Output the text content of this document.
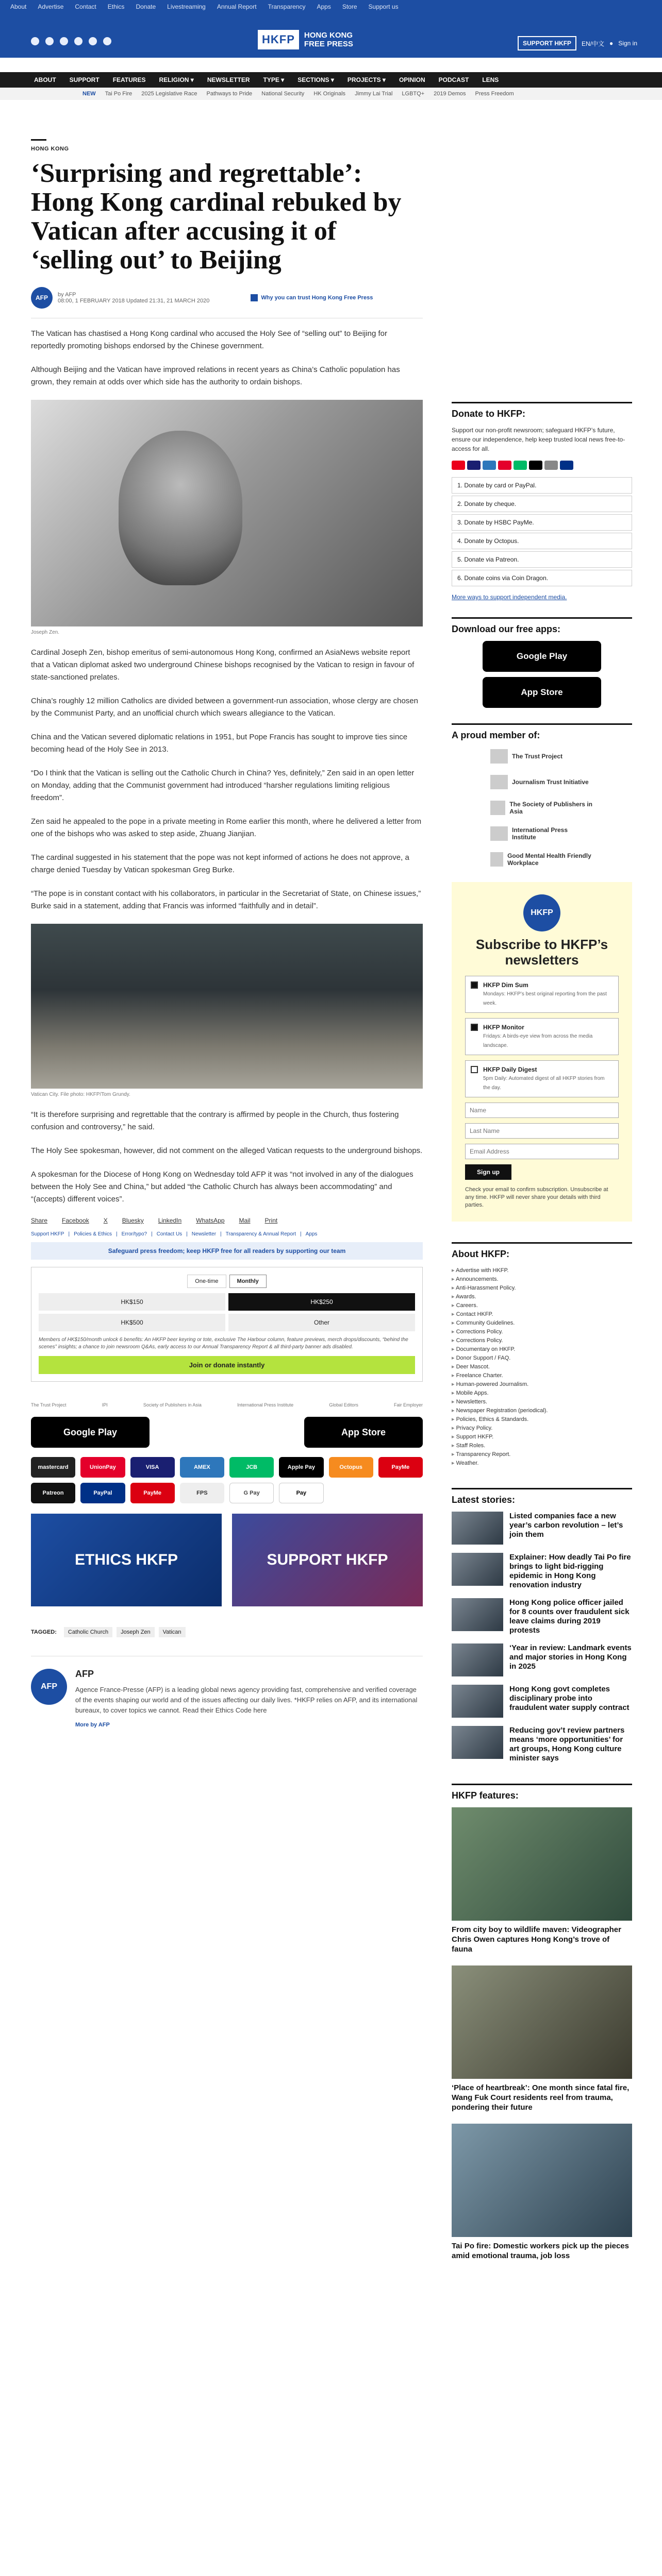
About Advertise Contact Ethics Donate Livestreaming Annual Report Transparency Apps Store Support us
HKFP	HONG KONG
FREE PRESS	SUPPORT HKFP	EN/中文 ● Sign in
ABOUT SUPPORT FEATURES RELIGION ▾ NEWSLETTER TYPE ▾ SECTIONS ▾ PROJECTS ▾ OPINION PODCAST LENS
NEW Tai Po Fire 2025 Legislative Race Pathways to Pride National Security HK Originals Jimmy Lai Trial LGBTQ+ 2019 Demos Press Freedom
HONG KONG
‘Surprising and regrettable’: Hong Kong cardinal rebuked by Vatican after accusing it of ‘selling out’ to Beijing
AFP	by AFP
08:00, 1 FEBRUARY 2018 Updated 21:31, 21 MARCH 2020	Why you can trust Hong Kong Free Press

The Vatican has chastised a Hong Kong cardinal who accused the Holy See of “selling out” to Beijing for reportedly promoting bishops endorsed by the Chinese government.

Although Beijing and the Vatican have improved relations in recent years as China’s Catholic population has grown, they remain at odds over which side has the authority to ordain bishops.

Joseph Zen.

Cardinal Joseph Zen, bishop emeritus of semi-autonomous Hong Kong, confirmed an AsiaNews website report that a Vatican diplomat asked two underground Chinese bishops recognised by the Vatican to resign in favour of state-sanctioned prelates.

China’s roughly 12 million Catholics are divided between a government-run association, whose clergy are chosen by the Communist Party, and an unofficial church which swears allegiance to the Vatican.

China and the Vatican severed diplomatic relations in 1951, but Pope Francis has sought to improve ties since becoming head of the Holy See in 2013.

“Do I think that the Vatican is selling out the Catholic Church in China? Yes, definitely,” Zen said in an open letter on Monday, adding that the Communist government had introduced “harsher regulations limiting religious freedom”.

Zen said he appealed to the pope in a private meeting in Rome earlier this month, where he delivered a letter from one of the bishops who was asked to step aside, Zhuang Jianjian.

The cardinal suggested in his statement that the pope was not kept informed of actions he does not approve, a charge denied Tuesday by Vatican spokesman Greg Burke.

“The pope is in constant contact with his collaborators, in particular in the Secretariat of State, on Chinese issues,” Burke said in a statement, adding that Francis was informed “faithfully and in detail”.

Vatican City. File photo: HKFP/Tom Grundy.

“It is therefore surprising and regrettable that the contrary is affirmed by people in the Church, thus fostering confusion and controversy,” he said.

The Holy See spokesman, however, did not comment on the alleged Vatican requests to the underground bishops.

A spokesman for the Diocese of Hong Kong on Wednesday told AFP it was “not involved in any of the dialogues between the Holy See and China,” but added “the Catholic Church has always been accommodating” and “(accepts) different voices”.

Share Facebook X Bluesky LinkedIn WhatsApp Mail Print
Support HKFP | Policies & Ethics | Error/typo? | Contact Us | Newsletter | Transparency & Annual Report | Apps
Safeguard press freedom; keep HKFP free for all readers by supporting our team
One-time	Monthly
HK$150	HK$250
HK$500	Other
Members of HK$150/month unlock 6 benefits: An HKFP beer keyring or tote, exclusive The Harbour column, feature previews, merch drops/discounts, “behind the scenes” insights; a chance to join newsroom Q&As, early access to our Annual Transparency Report & all third-party banner ads disabled.
Join or donate instantly
The Trust Project	IPI	Society of Publishers in Asia	International Press Institute	Global Editors	Fair Employer
Google Play	App Store
mastercard	UnionPay	VISA	AMEX	JCB	Apple Pay	Octopus	PayMe
Patreon	PayPal	PayMe	FPS	G Pay	Pay
ETHICS HKFP	SUPPORT HKFP
TAGGED:	Catholic Church	Joseph Zen	Vatican
AFP
AFP

Agence France-Presse (AFP) is a leading global news agency providing fast, comprehensive and verified coverage of the events shaping our world and of the issues affecting our daily lives. *HKFP relies on AFP, and its international bureaux, to cover topics we cannot. Read their Ethics Code here

More by AFP
Donate to HKFP:
Support our non-profit newsroom; safeguard HKFP’s future, ensure our independence, help keep trusted local news free-to-access for all.
1. Donate by card or PayPal.
2. Donate by cheque.
3. Donate by HSBC PayMe.
4. Donate by Octopus.
5. Donate via Patreon.
6. Donate coins via Coin Dragon.
More ways to support independent media.
Download our free apps:
Google Play
App Store
A proud member of:
The Trust Project
Journalism Trust Initiative
The Society of Publishers in Asia
International Press Institute
Good Mental Health Friendly Workplace
HKFP
Subscribe to HKFP’s newsletters
HKFP Dim Sum
Mondays: HKFP’s best original reporting from the past week.
HKFP Monitor
Fridays: A birds-eye view from across the media landscape.
HKFP Daily Digest
5pm Daily: Automated digest of all HKFP stories from the day.
Name Last Name Email Address
Sign up
Check your email to confirm subscription. Unsubscribe at any time. HKFP will never share your details with third parties.
About HKFP:
▸ Advertise with HKFP.
▸ Announcements.
▸ Anti-Harassment Policy.
▸ Awards.
▸ Careers.
▸ Contact HKFP.
▸ Community Guidelines.
▸ Corrections Policy.
▸ Corrections Policy.
▸ Documentary on HKFP.
▸ Donor Support / FAQ.
▸ Deer Mascot.
▸ Freelance Charter.
▸ Human-powered Journalism.
▸ Mobile Apps.
▸ Newsletters.
▸ Newspaper Registration (periodical).
▸ Policies, Ethics & Standards.
▸ Privacy Policy.
▸ Support HKFP.
▸ Staff Roles.
▸ Transparency Report.
▸ Weather.
Latest stories:
Listed companies face a new year’s carbon revolution – let’s join them
Explainer: How deadly Tai Po fire brings to light bid-rigging epidemic in Hong Kong renovation industry
Hong Kong police officer jailed for 8 counts over fraudulent sick leave claims during 2019 protests
‘Year in review: Landmark events and major stories in Hong Kong in 2025
Hong Kong govt completes disciplinary probe into fraudulent water supply contract
Reducing gov’t review partners means ‘more opportunities’ for art groups, Hong Kong culture minister says
HKFP features:
From city boy to wildlife maven: Videographer Chris Owen captures Hong Kong’s trove of fauna
‘Place of heartbreak’: One month since fatal fire, Wang Fuk Court residents reel from trauma, pondering their future
Tai Po fire: Domestic workers pick up the pieces amid emotional trauma, job loss
